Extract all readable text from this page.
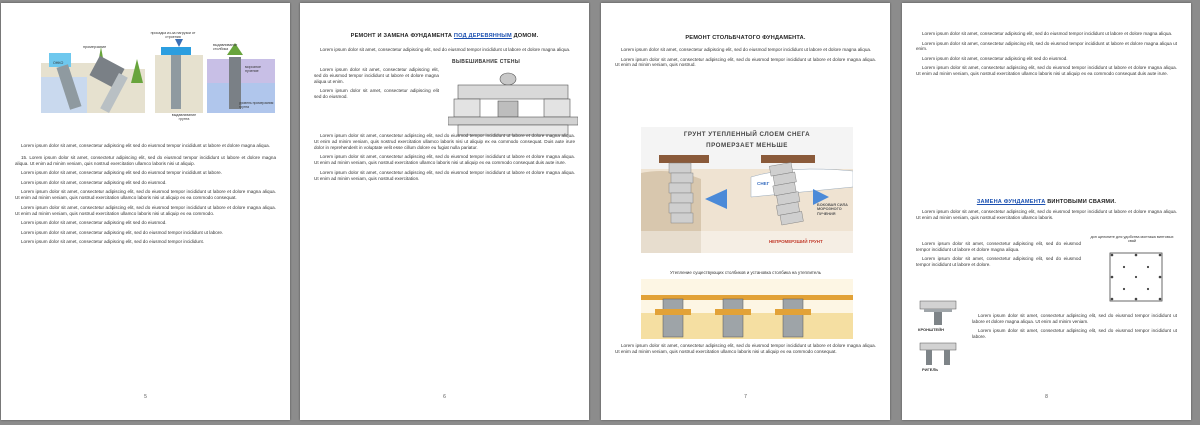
ОНКО
промерзание
просадка из-за нагрузки от строения
выдавливание столбика
морозное пучение
уровень промерзания грунта
выдавливание грунта

Lorem ipsum dolor sit amet, consectetur adipiscing elit sed do eiusmod tempor incididunt ut labore et dolore magna aliqua.

15. Lorem ipsum dolor sit amet, consectetur adipiscing elit, sed do eiusmod tempor incididunt ut labore et dolore magna aliqua. Ut enim ad minim veniam, quis nostrud exercitation ullamco laboris nisi ut aliquip.

Lorem ipsum dolor sit amet, consectetur adipiscing elit sed do eiusmod tempor incididunt ut labore.

Lorem ipsum dolor sit amet, consectetur adipiscing elit sed do eiusmod.

Lorem ipsum dolor sit amet, consectetur adipiscing elit, sed do eiusmod tempor incididunt ut labore et dolore magna aliqua. Ut enim ad minim veniam, quis nostrud exercitation ullamco laboris nisi ut aliquip ex ea commodo consequat.

Lorem ipsum dolor sit amet, consectetur adipiscing elit, sed do eiusmod tempor incididunt ut labore et dolore magna aliqua. Ut enim ad minim veniam, quis nostrud exercitation ullamco laboris nisi ut aliquip ex ea commodo.

Lorem ipsum dolor sit amet, consectetur adipiscing elit sed do eiusmod.

Lorem ipsum dolor sit amet, consectetur adipiscing elit, sed do eiusmod tempor incididunt ut labore.

Lorem ipsum dolor sit amet, consectetur adipiscing elit, sed do eiusmod tempor incididunt.

5
РЕМОНТ И ЗАМЕНА ФУНДАМЕНТА ПОД ДЕРЕВЯННЫМ ДОМОМ.

Lorem ipsum dolor sit amet, consectetur adipiscing elit, sed do eiusmod tempor incididunt ut labore et dolore magna aliqua.

Lorem ipsum dolor sit amet, consectetur adipiscing elit, sed do eiusmod tempor incididunt ut labore et dolore magna aliqua ut enim.

Lorem ipsum dolor sit amet, consectetur adipiscing elit sed do eiusmod.

ВЫВЕШИВАНИЕ СТЕНЫ

Lorem ipsum dolor sit amet, consectetur adipiscing elit, sed do eiusmod tempor incididunt ut labore et dolore magna aliqua. Ut enim ad minim veniam, quis nostrud exercitation ullamco laboris nisi ut aliquip ex ea commodo consequat. Duis aute irure dolor in reprehenderit in voluptate velit esse cillum dolore eu fugiat nulla pariatur.

Lorem ipsum dolor sit amet, consectetur adipiscing elit, sed do eiusmod tempor incididunt ut labore et dolore magna aliqua. Ut enim ad minim veniam, quis nostrud exercitation ullamco laboris nisi ut aliquip ex ea commodo consequat duis aute irure.

Lorem ipsum dolor sit amet, consectetur adipiscing elit, sed do eiusmod tempor incididunt ut labore et dolore magna aliqua. Ut enim ad minim veniam, quis nostrud exercitation.

6
РЕМОНТ СТОЛЬБЧАТОГО ФУНДАМЕНТА.

Lorem ipsum dolor sit amet, consectetur adipiscing elit, sed do eiusmod tempor incididunt ut labore et dolore magna aliqua.

Lorem ipsum dolor sit amet, consectetur adipiscing elit, sed do eiusmod tempor incididunt ut labore et dolore magna aliqua. Ut enim ad minim veniam, quis nostrud.

ГРУНТ УТЕПЛЕННЫЙ СЛОЕМ СНЕГА
ПРОМЕРЗАЕТ МЕНЬШЕ
СНЕГ
БОКОВАЯ СИЛА МОРОЗНОГО ПУЧЕНИЯ
НЕПРОМЕРЗШИЙ ГРУНТ
Утепление существующих столбиков и установка столбика на утеплитель

Lorem ipsum dolor sit amet, consectetur adipiscing elit, sed do eiusmod tempor incididunt ut labore et dolore magna aliqua. Ut enim ad minim veniam, quis nostrud exercitation ullamco laboris nisi ut aliquip ex ea commodo consequat.

7

Lorem ipsum dolor sit amet, consectetur adipiscing elit, sed do eiusmod tempor incididunt ut labore et dolore magna aliqua.

Lorem ipsum dolor sit amet, consectetur adipiscing elit, sed do eiusmod tempor incididunt ut labore et dolore magna aliqua ut enim.

Lorem ipsum dolor sit amet, consectetur adipiscing elit sed do eiusmod.

Lorem ipsum dolor sit amet, consectetur adipiscing elit, sed do eiusmod tempor incididunt ut labore et dolore magna aliqua. Ut enim ad minim veniam, quis nostrud exercitation ullamco laboris nisi ut aliquip ex ea commodo consequat duis aute irure.

ЗАМЕНА ФУНДАМЕНТА ВИНТОВЫМИ СВАЯМИ.

Lorem ipsum dolor sit amet, consectetur adipiscing elit, sed do eiusmod tempor incididunt ut labore et dolore magna aliqua. Ut enim ad minim veniam, quis nostrud exercitation ullamco laboris.

Lorem ipsum dolor sit amet, consectetur adipiscing elit, sed do eiusmod tempor incididunt ut labore et dolore magna aliqua.

Lorem ipsum dolor sit amet, consectetur adipiscing elit, sed do eiusmod tempor incididunt ut labore et dolore.

доп щелкните для удобства монтажа винтовых свай
КРОНШТЕЙН
РИГЕЛЬ

Lorem ipsum dolor sit amet, consectetur adipiscing elit, sed do eiusmod tempor incididunt ut labore et dolore magna aliqua. Ut enim ad minim veniam.

Lorem ipsum dolor sit amet, consectetur adipiscing elit, sed do eiusmod tempor incididunt ut labore.

8
